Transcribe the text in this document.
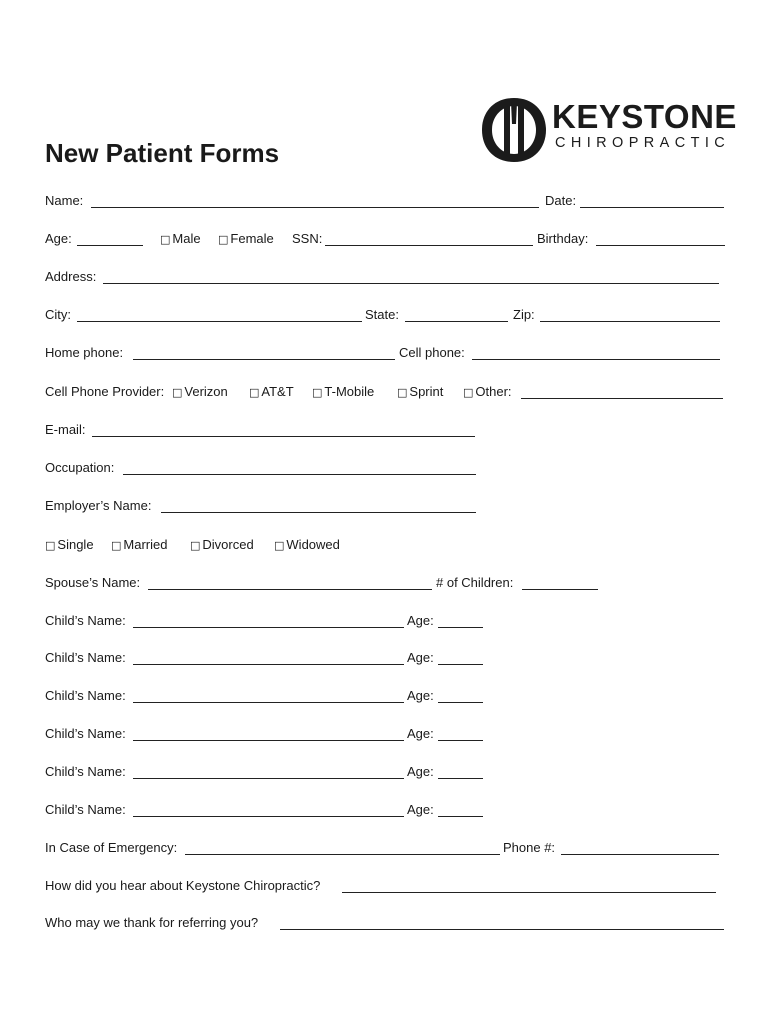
KEYSTONE
CHIROPRACTIC
New Patient Forms
Name:	Date:
Age:	□ Male □ Female SSN:	Birthday:
Address:
City:	State:	Zip:
Home phone:	Cell phone:
Cell Phone Provider: □ Verizon □ AT&T □ T-Mobile □ Sprint □ Other:
E-mail:
Occupation:
Employer’s Name:
□ Single □ Married □ Divorced □ Widowed
Spouse’s Name:	# of Children:
Child’s Name:	Age:
Child’s Name:	Age:
Child’s Name:	Age:
Child’s Name:	Age:
Child’s Name:	Age:
Child’s Name:	Age:
In Case of Emergency:	Phone #:
How did you hear about Keystone Chiropractic?
Who may we thank for referring you?
